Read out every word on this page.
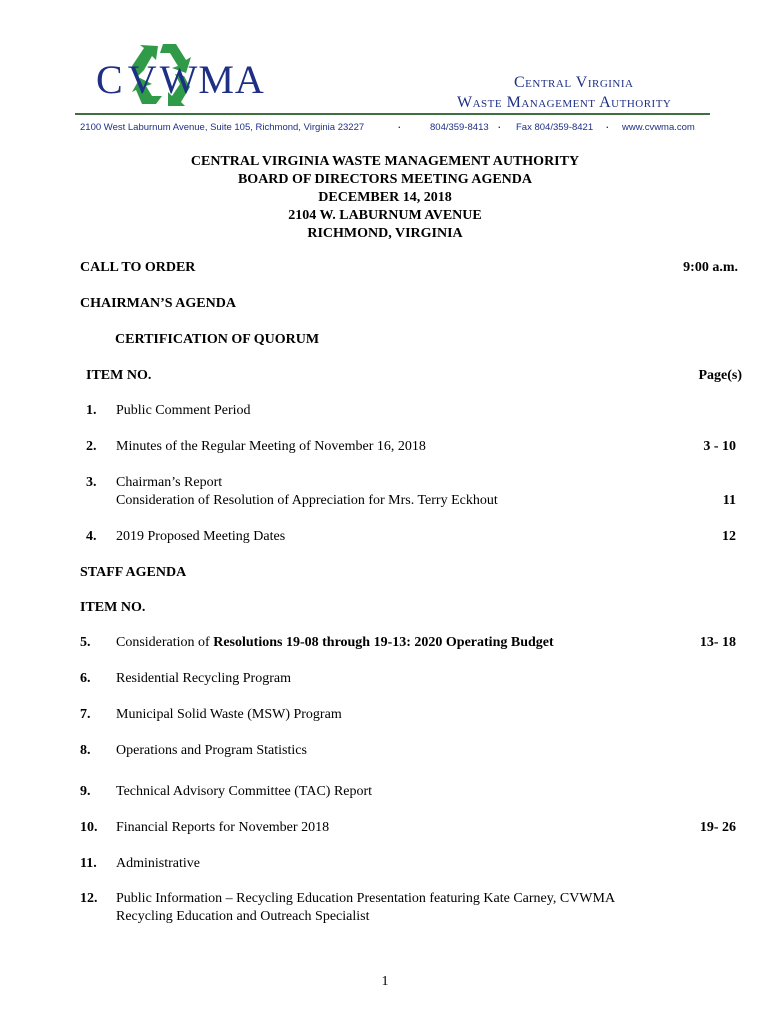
C VWMA	Central Virginia
Waste Management Authority
2100 West Laburnum Avenue, Suite 105, Richmond, Virginia 23227	.	804/359-8413 . Fax 804/359-8421 . www.cvwma.com
CENTRAL VIRGINIA WASTE MANAGEMENT AUTHORITY
BOARD OF DIRECTORS MEETING AGENDA
DECEMBER 14, 2018
2104 W. LABURNUM AVENUE
RICHMOND, VIRGINIA
CALL TO ORDER	9:00 a.m.
CHAIRMAN’S AGENDA
CERTIFICATION OF QUORUM
ITEM NO.	Page(s)
1. Public Comment Period
2. Minutes of the Regular Meeting of November 16, 2018	3 - 10
3. Chairman’s Report
Consideration of Resolution of Appreciation for Mrs. Terry Eckhout	11
4. 2019 Proposed Meeting Dates	12
STAFF AGENDA
ITEM NO.
5. Consideration of Resolutions 19-08 through 19-13: 2020 Operating Budget	13- 18
6. Residential Recycling Program
7. Municipal Solid Waste (MSW) Program
8. Operations and Program Statistics
9. Technical Advisory Committee (TAC) Report
10. Financial Reports for November 2018	19- 26
11. Administrative
12. Public Information – Recycling Education Presentation featuring Kate Carney, CVWMA
Recycling Education and Outreach Specialist
1
